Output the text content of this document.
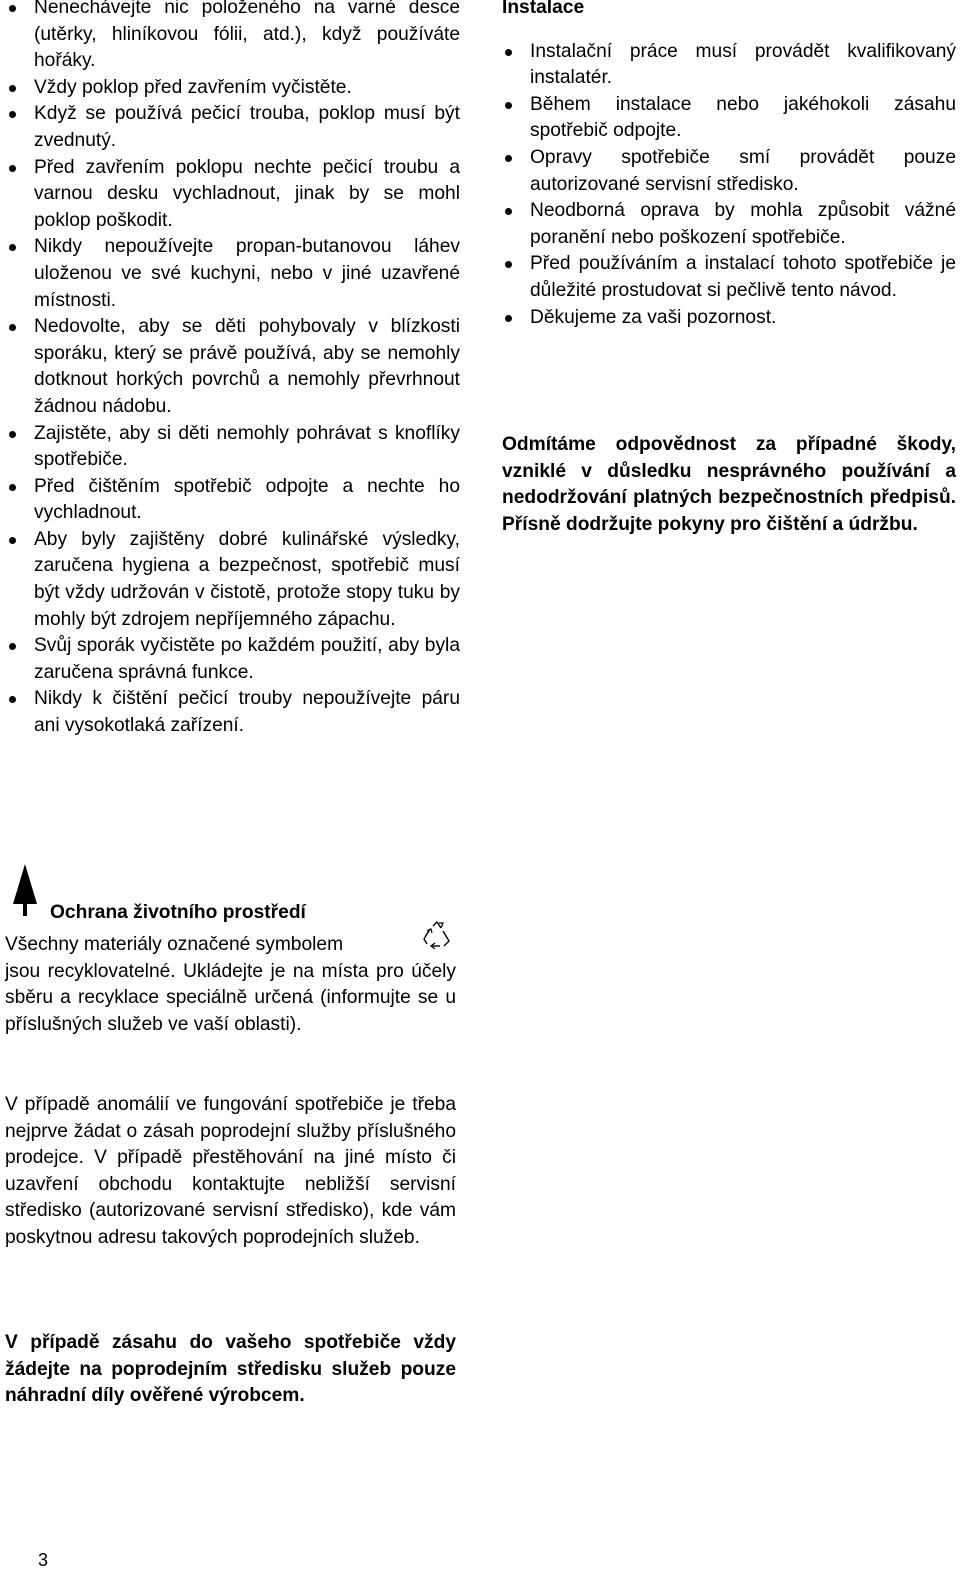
Nenechávejte nic položeného na varné desce (utěrky, hliníkovou fólii, atd.), když používáte hořáky.
Vždy poklop před zavřením vyčistěte.
Když se používá pečicí trouba, poklop musí být zvednutý.
Před zavřením poklopu nechte pečicí troubu a varnou desku vychladnout, jinak by se mohl poklop poškodit.
Nikdy nepoužívejte propan-butanovou láhev uloženou ve své kuchyni, nebo v jiné uzavřené místnosti.
Nedovolte, aby se děti pohybovaly v blízkosti sporáku, který se právě používá, aby se nemohly dotknout horkých povrchů a nemohly převrhnout žádnou nádobu.
Zajistěte, aby si děti nemohly pohrávat s knoflíky spotřebiče.
Před čištěním spotřebič odpojte a nechte ho vychladnout.
Aby byly zajištěny dobré kulinářské výsledky, zaručena hygiena a bezpečnost, spotřebič musí být vždy udržován v čistotě, protože stopy tuku by mohly být zdrojem nepříjemného zápachu.
Svůj sporák vyčistěte po každém použití, aby byla zaručena správná funkce.
Nikdy k čištění pečicí trouby nepoužívejte páru ani vysokotlaká zařízení.

Instalace

Instalační práce musí provádět kvalifikovaný instalatér.
Během instalace nebo jakéhokoli zásahu spotřebič odpojte.
Opravy spotřebiče smí provádět pouze autorizované servisní středisko.
Neodborná oprava by mohla způsobit vážné poranění nebo poškození spotřebiče.
Před používáním a instalací tohoto spotřebiče je důležité prostudovat si pečlivě tento návod.
Děkujeme za vaši pozornost.

Odmítáme odpovědnost za případné škody, vzniklé v důsledku nesprávného používání a nedodržování platných bezpečnostních předpisů. Přísně dodržujte pokyny pro čištění a údržbu.

Ochrana životního prostředí

Všechny materiály označené symbolem
jsou recyklovatelné. Ukládejte je na místa pro účely sběru a recyklace speciálně určená (informujte se u příslušných služeb ve vaší oblasti).

V případě anomálií ve fungování spotřebiče je třeba nejprve žádat o zásah poprodejní služby příslušného prodejce. V případě přestěhování na jiné místo či uzavření obchodu kontaktujte nebližší servisní středisko (autorizované servisní středisko), kde vám poskytnou adresu takových poprodejních služeb.

V případě zásahu do vašeho spotřebiče vždy žádejte na poprodejním středisku služeb pouze náhradní díly ověřené výrobcem.

3
